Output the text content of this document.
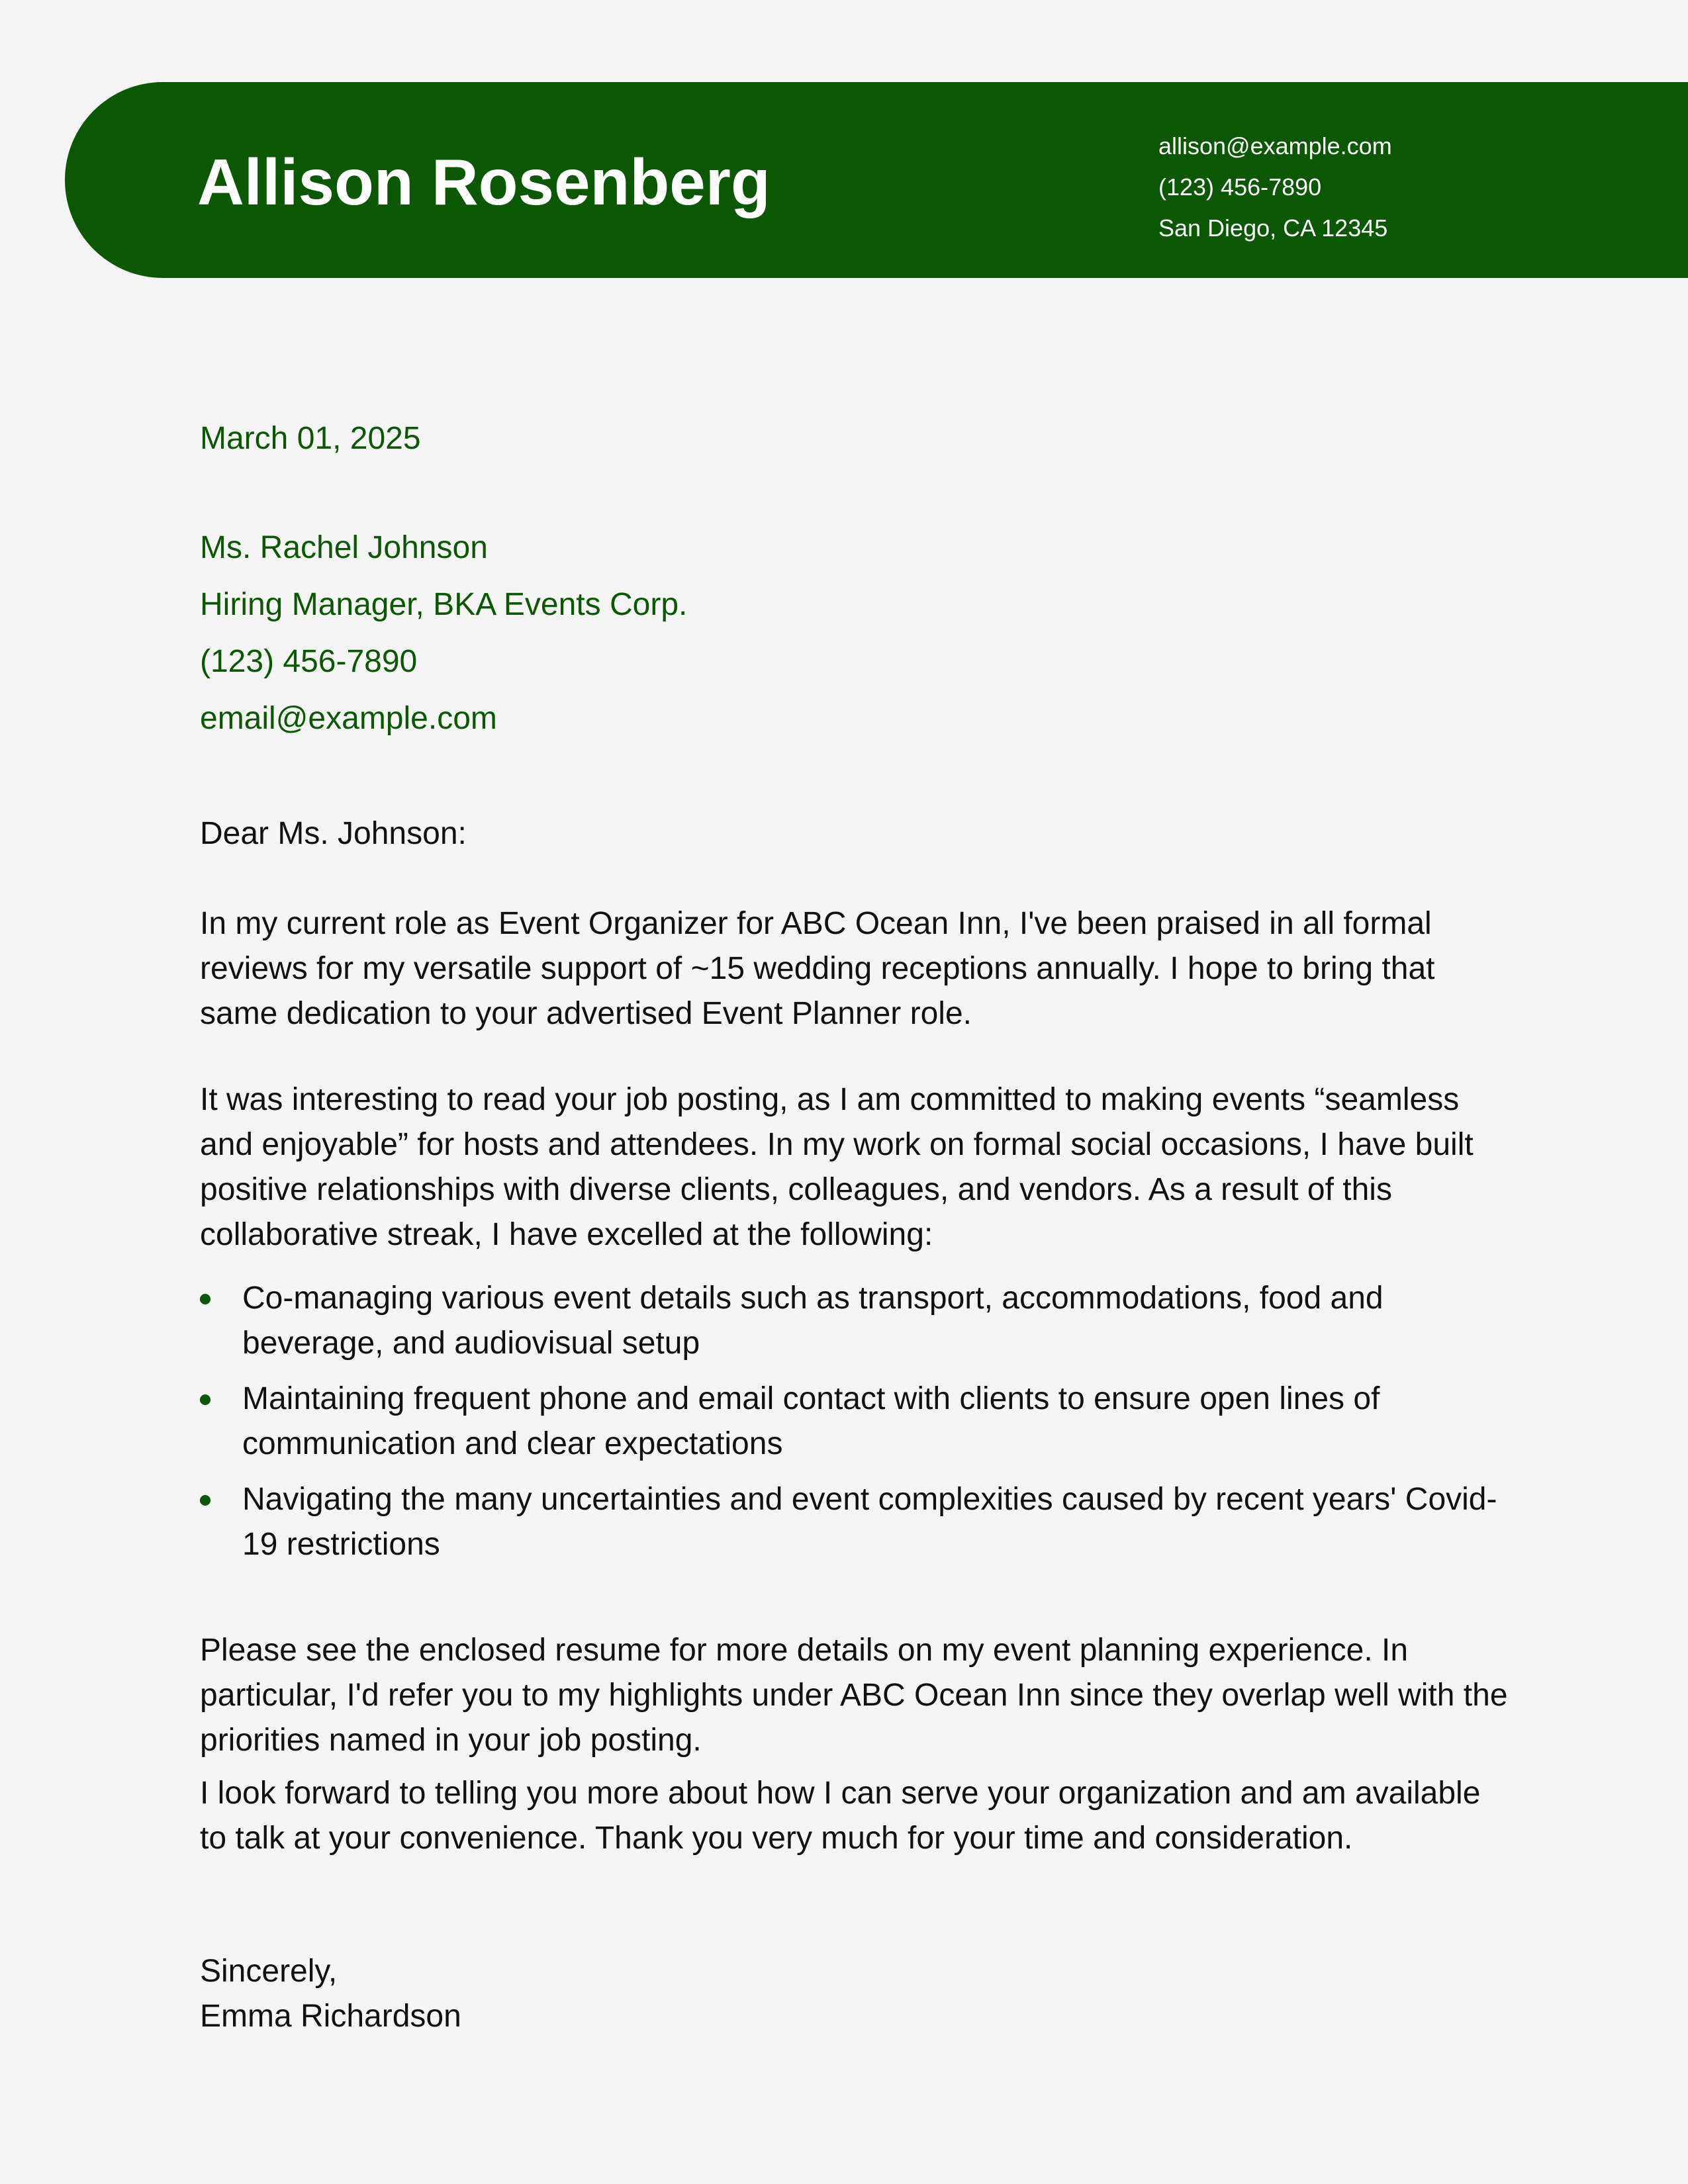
Allison Rosenberg	allison@example.com
(123) 456-7890
San Diego, CA 12345
March 01, 2025
Ms. Rachel Johnson
Hiring Manager, BKA Events Corp.
(123) 456-7890
email@example.com
Dear Ms. Johnson:
In my current role as Event Organizer for ABC Ocean Inn, I've been praised in all formal reviews for my versatile support of ~15 wedding receptions annually. I hope to bring that same dedication to your advertised Event Planner role.
It was interesting to read your job posting, as I am committed to making events “seamless and enjoyable” for hosts and attendees. In my work on formal social occasions, I have built positive relationships with diverse clients, colleagues, and vendors. As a result of this collaborative streak, I have excelled at the following:
Co-managing various event details such as transport, accommodations, food and beverage, and audiovisual setup
Maintaining frequent phone and email contact with clients to ensure open lines of communication and clear expectations
Navigating the many uncertainties and event complexities caused by recent years' Covid-19 restrictions
Please see the enclosed resume for more details on my event planning experience. In particular, I'd refer you to my highlights under ABC Ocean Inn since they overlap well with the priorities named in your job posting.
I look forward to telling you more about how I can serve your organization and am available to talk at your convenience. Thank you very much for your time and consideration.
Sincerely,
Emma Richardson
